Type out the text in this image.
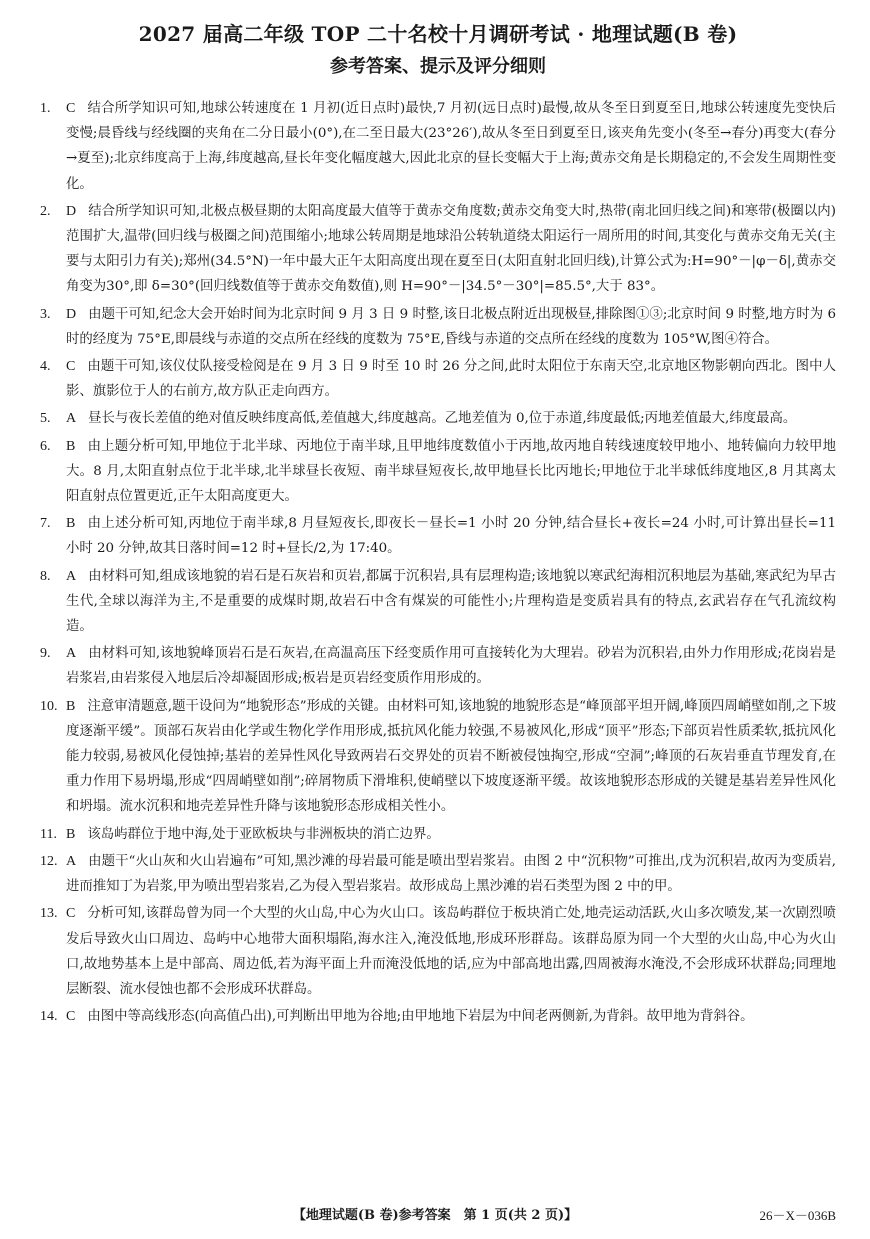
2027 届高二年级 TOP 二十名校十月调研考试 · 地理试题(B 卷)
参考答案、提示及评分细则
1. C 结合所学知识可知,地球公转速度在 1 月初(近日点时)最快,7 月初(远日点时)最慢,故从冬至日到夏至日,地球公转速度先变快后变慢;晨昏线与经线圈的夹角在二分日最小(0°),在二至日最大(23°26′),故从冬至日到夏至日,该夹角先变小(冬至→春分)再变大(春分→夏至);北京纬度高于上海,纬度越高,昼长年变化幅度越大,因此北京的昼长变幅大于上海;黄赤交角是长期稳定的,不会发生周期性变化。
2. D 结合所学知识可知,北极点极昼期的太阳高度最大值等于黄赤交角度数;黄赤交角变大时,热带(南北回归线之间)和寒带(极圈以内)范围扩大,温带(回归线与极圈之间)范围缩小;地球公转周期是地球沿公转轨道绕太阳运行一周所用的时间,其变化与黄赤交角无关(主要与太阳引力有关);郑州(34.5°N)一年中最大正午太阳高度出现在夏至日(太阳直射北回归线),计算公式为:H=90°－|φ－δ|,黄赤交角变为30°,即 δ=30°(回归线数值等于黄赤交角数值),则 H=90°－|34.5°－30°|=85.5°,大于 83°。
3. D 由题干可知,纪念大会开始时间为北京时间 9 月 3 日 9 时整,该日北极点附近出现极昼,排除图①③;北京时间 9 时整,地方时为 6 时的经度为 75°E,即晨线与赤道的交点所在经线的度数为 75°E,昏线与赤道的交点所在经线的度数为 105°W,图④符合。
4. C 由题干可知,该仪仗队接受检阅是在 9 月 3 日 9 时至 10 时 26 分之间,此时太阳位于东南天空,北京地区物影朝向西北。图中人影、旗影位于人的右前方,故方队正走向西方。
5. A 昼长与夜长差值的绝对值反映纬度高低,差值越大,纬度越高。乙地差值为 0,位于赤道,纬度最低;丙地差值最大,纬度最高。
6. B 由上题分析可知,甲地位于北半球、丙地位于南半球,且甲地纬度数值小于丙地,故丙地自转线速度较甲地小、地转偏向力较甲地大。8 月,太阳直射点位于北半球,北半球昼长夜短、南半球昼短夜长,故甲地昼长比丙地长;甲地位于北半球低纬度地区,8 月其离太阳直射点位置更近,正午太阳高度更大。
7. B 由上述分析可知,丙地位于南半球,8 月昼短夜长,即夜长－昼长=1 小时 20 分钟,结合昼长+夜长=24 小时,可计算出昼长=11 小时 20 分钟,故其日落时间=12 时+昼长/2,为 17:40。
8. A 由材料可知,组成该地貌的岩石是石灰岩和页岩,都属于沉积岩,具有层理构造;该地貌以寒武纪海相沉积地层为基础,寒武纪为早古生代,全球以海洋为主,不是重要的成煤时期,故岩石中含有煤炭的可能性小;片理构造是变质岩具有的特点,玄武岩存在气孔流纹构造。
9. A 由材料可知,该地貌峰顶岩石是石灰岩,在高温高压下经变质作用可直接转化为大理岩。砂岩为沉积岩,由外力作用形成;花岗岩是岩浆岩,由岩浆侵入地层后冷却凝固形成;板岩是页岩经变质作用形成的。
10. B 注意审清题意,题干设问为“地貌形态”形成的关键。由材料可知,该地貌的地貌形态是“峰顶部平坦开阔,峰顶四周峭壁如削,之下坡度逐渐平缓”。顶部石灰岩由化学或生物化学作用形成,抵抗风化能力较强,不易被风化,形成“顶平”形态;下部页岩性质柔软,抵抗风化能力较弱,易被风化侵蚀掉;基岩的差异性风化导致两岩石交界处的页岩不断被侵蚀掏空,形成“空洞”;峰顶的石灰岩垂直节理发育,在重力作用下易坍塌,形成“四周峭壁如削”;碎屑物质下滑堆积,使峭壁以下坡度逐渐平缓。故该地貌形态形成的关键是基岩差异性风化和坍塌。流水沉积和地壳差异性升降与该地貌形态形成相关性小。
11. B 该岛屿群位于地中海,处于亚欧板块与非洲板块的消亡边界。
12. A 由题干“火山灰和火山岩遍布”可知,黑沙滩的母岩最可能是喷出型岩浆岩。由图 2 中“沉积物”可推出,戊为沉积岩,故丙为变质岩,进而推知丁为岩浆,甲为喷出型岩浆岩,乙为侵入型岩浆岩。故形成岛上黑沙滩的岩石类型为图 2 中的甲。
13. C 分析可知,该群岛曾为同一个大型的火山岛,中心为火山口。该岛屿群位于板块消亡处,地壳运动活跃,火山多次喷发,某一次剧烈喷发后导致火山口周边、岛屿中心地带大面积塌陷,海水注入,淹没低地,形成环形群岛。该群岛原为同一个大型的火山岛,中心为火山口,故地势基本上是中部高、周边低,若为海平面上升而淹没低地的话,应为中部高地出露,四周被海水淹没,不会形成环状群岛;同理地层断裂、流水侵蚀也都不会形成环状群岛。
14. C 由图中等高线形态(向高值凸出),可判断出甲地为谷地;由甲地地下岩层为中间老两侧新,为背斜。故甲地为背斜谷。
【地理试题(B 卷)参考答案　第 1 页(共 2 页)】	26－X－036B
